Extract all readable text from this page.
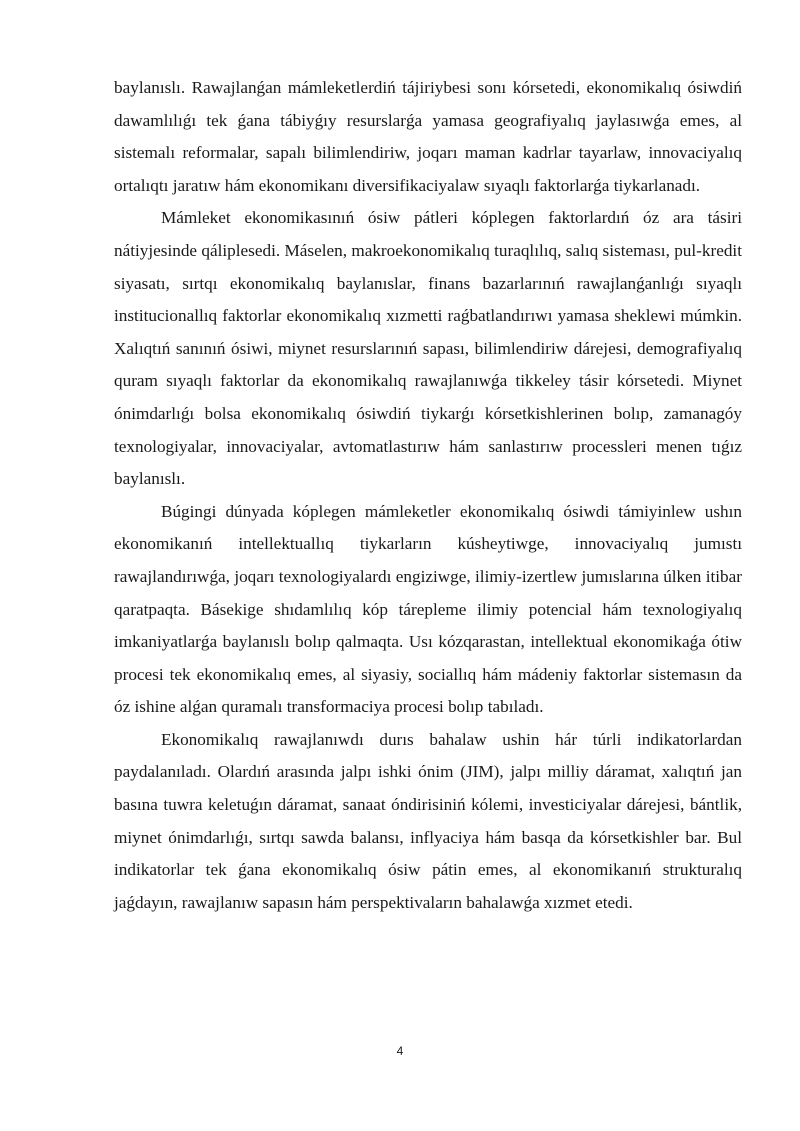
baylanıslı. Rawajlanǵan mámleketlerdiń tájiriybesi sonı kórsetedi, ekonomikalıq ósiwdiń dawamlılıǵı tek ǵana tábiyǵıy resurslarǵa yamasa geografiyalıq jaylasıwǵa emes, al sistemalı reformalar, sapalı bilimlendiriw, joqarı maman kadrlar tayarlaw, innovaciyalıq ortalıqtı jaratıw hám ekonomikanı diversifikaciyalaw sıyaqlı faktorlarǵa tiykarlanadı.

Mámleket ekonomikasınıń ósiw pátleri kóplegen faktorlardıń óz ara tásiri nátiyjesinde qáliplesedi. Máselen, makroekonomikalıq turaqlılıq, salıq sisteması, pul-kredit siyasatı, sırtqı ekonomikalıq baylanıslar, finans bazarlarınıń rawajlanǵanlıǵı sıyaqlı institucionallıq faktorlar ekonomikalıq xızmetti raǵbatlandırıwı yamasa sheklewi múmkin. Xalıqtıń sanınıń ósiwi, miynet resurslarınıń sapası, bilimlendiriw dárejesi, demografiyalıq quram sıyaqlı faktorlar da ekonomikalıq rawajlanıwǵa tikkeley tásir kórsetedi. Miynet ónimdarlıǵı bolsa ekonomikalıq ósiwdiń tiykarǵı kórsetkishlerinen bolıp, zamanagóy texnologiyalar, innovaciyalar, avtomatlastırıw hám sanlastırıw processleri menen tıǵız baylanıslı.

Búgingi dúnyada kóplegen mámleketler ekonomikalıq ósiwdi támiyinlew ushın ekonomikanıń intellektuallıq tiykarların kúsheytiwge, innovaciyalıq jumıstı rawajlandırıwǵa, joqarı texnologiyalardı engiziwge, ilimiy-izertlew jumıslarına úlken itibar qaratpaqta. Básekige shıdamlılıq kóp tárepleme ilimiy potencial hám texnologiyalıq imkaniyatlarǵa baylanıslı bolıp qalmaqta. Usı kózqarastan, intellektual ekonomikaǵa ótiw procesi tek ekonomikalıq emes, al siyasiy, sociallıq hám mádeniy faktorlar sistemasın da óz ishine alǵan quramalı transformaciya procesi bolıp tabıladı.

Ekonomikalıq rawajlanıwdı durıs bahalaw ushin hár túrli indikatorlardan paydalanıladı. Olardıń arasında jalpı ishki ónim (JIM), jalpı milliy dáramat, xalıqtıń jan basına tuwra keletuǵın dáramat, sanaat óndirisiniń kólemi, investiciyalar dárejesi, bántlik, miynet ónimdarlıǵı, sırtqı sawda balansı, inflyaciya hám basqa da kórsetkishler bar. Bul indikatorlar tek ǵana ekonomikalıq ósiw pátin emes, al ekonomikanıń strukturalıq jaǵdayın, rawajlanıw sapasın hám perspektivaların bahalawǵa xızmet etedi.

4
